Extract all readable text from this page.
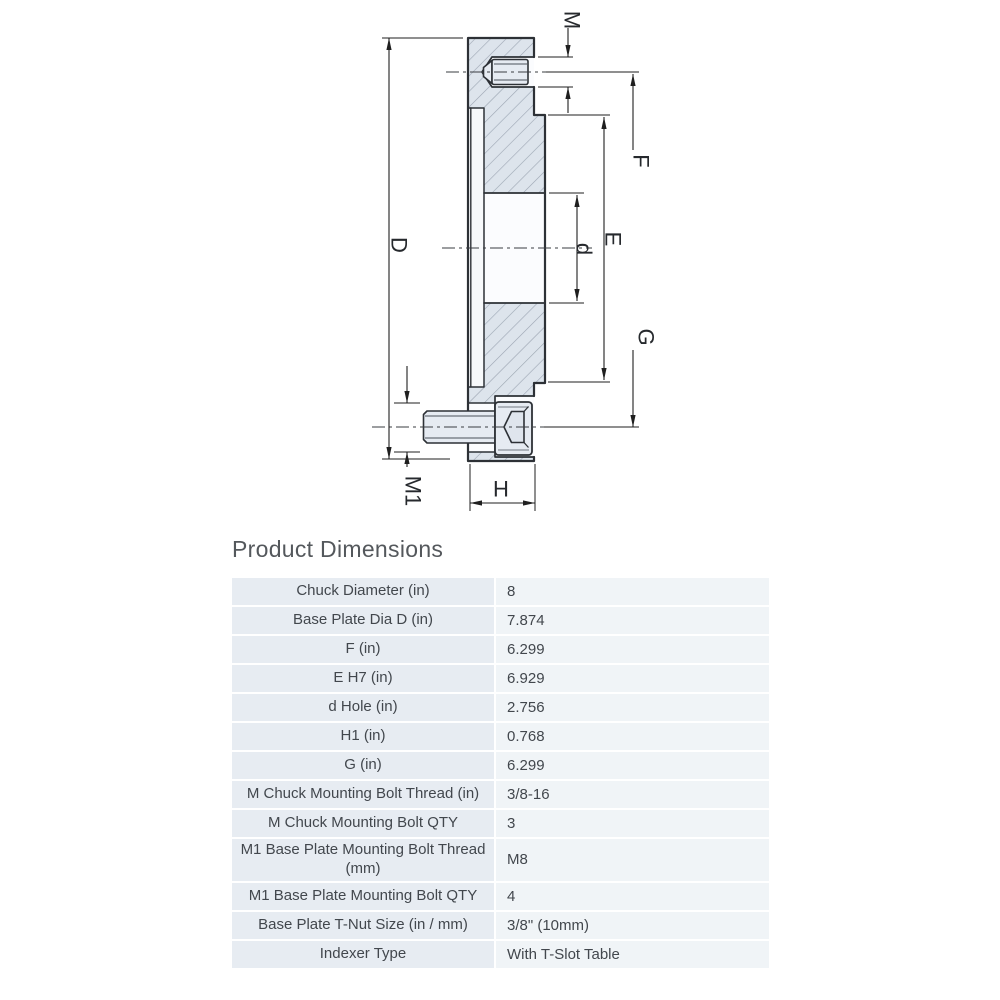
M
F
E
d
D
G
M1	H
Product Dimensions
Chuck Diameter (in)	8
Base Plate Dia D (in)	7.874
F (in)	6.299
E H7 (in)	6.929
d Hole (in)	2.756
H1 (in)	0.768
G (in)	6.299
M Chuck Mounting Bolt Thread (in)	3/8-16
M Chuck Mounting Bolt QTY	3
M1 Base Plate Mounting Bolt Thread (mm)	M8
M1 Base Plate Mounting Bolt QTY	4
Base Plate T-Nut Size (in / mm)	3/8" (10mm)
Indexer Type	With T-Slot Table
